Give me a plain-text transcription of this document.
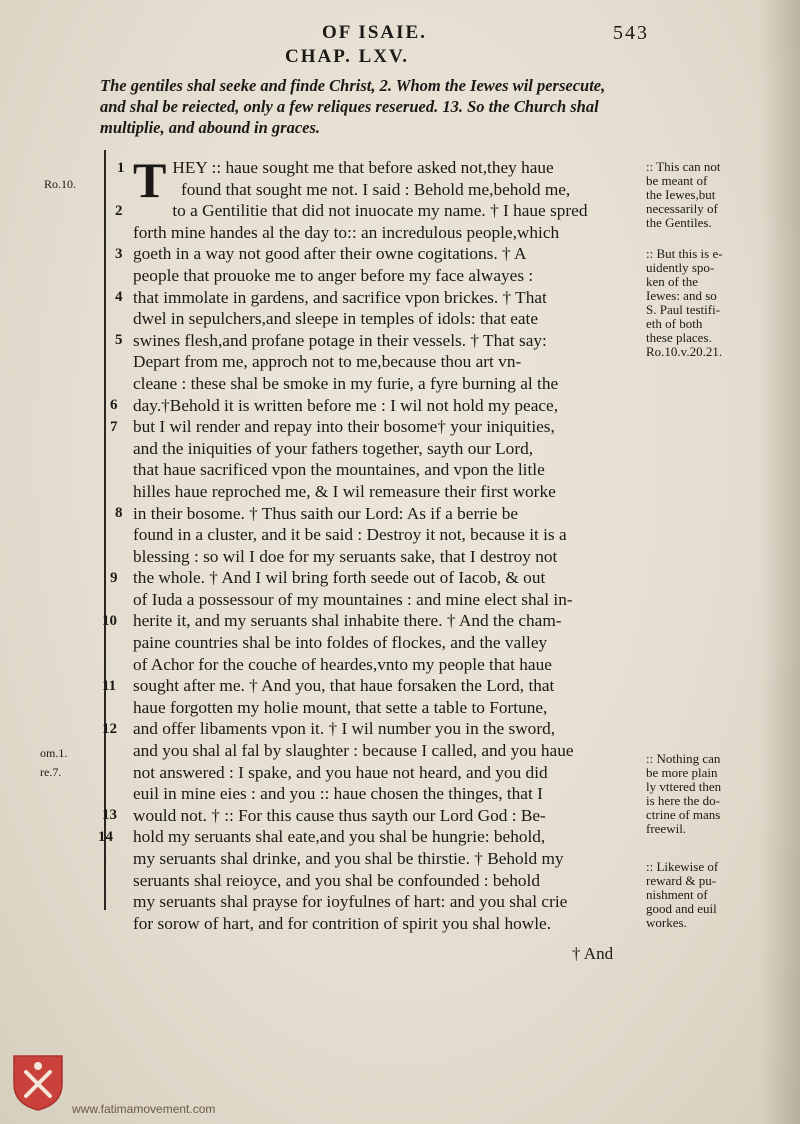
OF ISAIE.	543
CHAP. LXV.
The gentiles shal seeke and finde Christ, 2. Whom the Iewes wil persecute,
and shal be reiected, only a few reliques reserued. 13. So the Church shal
multiplie, and abound in graces.
Ro.10.
om.1.
re.7.
1
2
3
4
5
6
7
8
9
10
11
12
13
14
T HEY :: haue sought me that before asked not,they haue
found that sought me not. I said : Behold me,behold me,
to a Gentilitie that did not inuocate my name. † I haue spred
forth mine handes al the day to:: an incredulous people,which
goeth in a way not good after their owne cogitations. † A
people that prouoke me to anger before my face alwayes :
that immolate in gardens, and sacrifice vpon brickes. † That
dwel in sepulchers,and sleepe in temples of idols: that eate
swines flesh,and profane potage in their vessels. † That say:
Depart from me, approch not to me,because thou art vn-
cleane : these shal be smoke in my furie, a fyre burning al the
day.†Behold it is written before me : I wil not hold my peace,
but I wil render and repay into their bosome† your iniquities,
and the iniquities of your fathers together, sayth our Lord,
that haue sacrificed vpon the mountaines, and vpon the litle
hilles haue reproched me, & I wil remeasure their first worke
in their bosome. † Thus saith our Lord: As if a berrie be
found in a cluster, and it be said : Destroy it not, because it is a
blessing : so wil I doe for my seruants sake, that I destroy not
the whole. † And I wil bring forth seede out of Iacob, & out
of Iuda a possessour of my mountaines : and mine elect shal in-
herite it, and my seruants shal inhabite there. † And the cham-
paine countries shal be into foldes of flockes, and the valley
of Achor for the couche of heardes,vnto my people that haue
sought after me. † And you, that haue forsaken the Lord, that
haue forgotten my holie mount, that sette a table to Fortune,
and offer libaments vpon it. † I wil number you in the sword,
and you shal al fal by slaughter : because I called, and you haue
not answered : I spake, and you haue not heard, and you did
euil in mine eies : and you :: haue chosen the thinges, that I
would not. † :: For this cause thus sayth our Lord God : Be-
hold my seruants shal eate,and you shal be hungrie: behold,
my seruants shal drinke, and you shal be thirstie. † Behold my
seruants shal reioyce, and you shal be confounded : behold
my seruants shal prayse for ioyfulnes of hart: and you shal crie
for sorow of hart, and for contrition of spirit you shal howle.
:: This can not
be meant of
the Iewes,but
necessarily of
the Gentiles.
:: But this is e-
uidently spo-
ken of the
Iewes: and so
S. Paul testifi-
eth of both
these places.
Ro.10.v.20.21.
:: Nothing can
be more plain
ly vttered then
is here the do-
ctrine of mans
freewil.
:: Likewise of
reward & pu-
nishment of
good and euil
workes.
† And
www.fatimamovement.com
